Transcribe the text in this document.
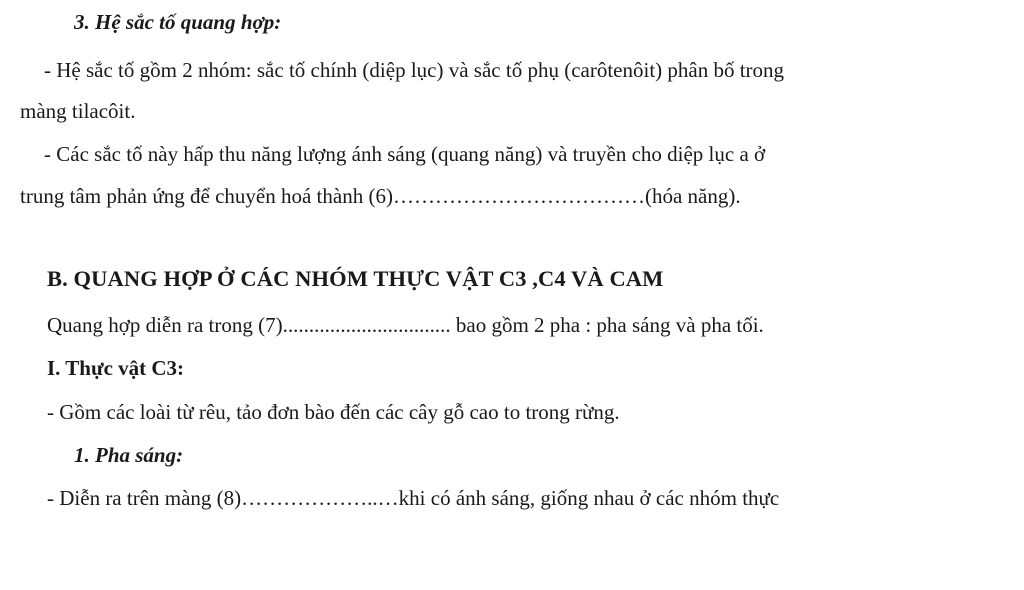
3. Hệ sắc tố quang hợp:
- Hệ sắc tố gồm 2 nhóm: sắc tố chính (diệp lục) và sắc tố phụ (carôtenôit) phân bố trong
màng tilacôit.
- Các sắc tố này hấp thu năng lượng ánh sáng (quang năng) và truyền cho diệp lục a ở
trung tâm phản ứng để chuyển hoá thành (6)………………………………(hóa năng).
B. QUANG HỢP Ở CÁC NHÓM THỰC VẬT C3 ,C4 VÀ CAM
Quang hợp diễn ra trong (7)................................ bao gồm 2 pha : pha sáng và pha tối.
I. Thực vật C3:
- Gồm các loài từ rêu, tảo đơn bào đến các cây gỗ cao to trong rừng.
1. Pha sáng:
- Diễn ra trên màng (8)………………..…khi có ánh sáng, giống nhau ở các nhóm thực
